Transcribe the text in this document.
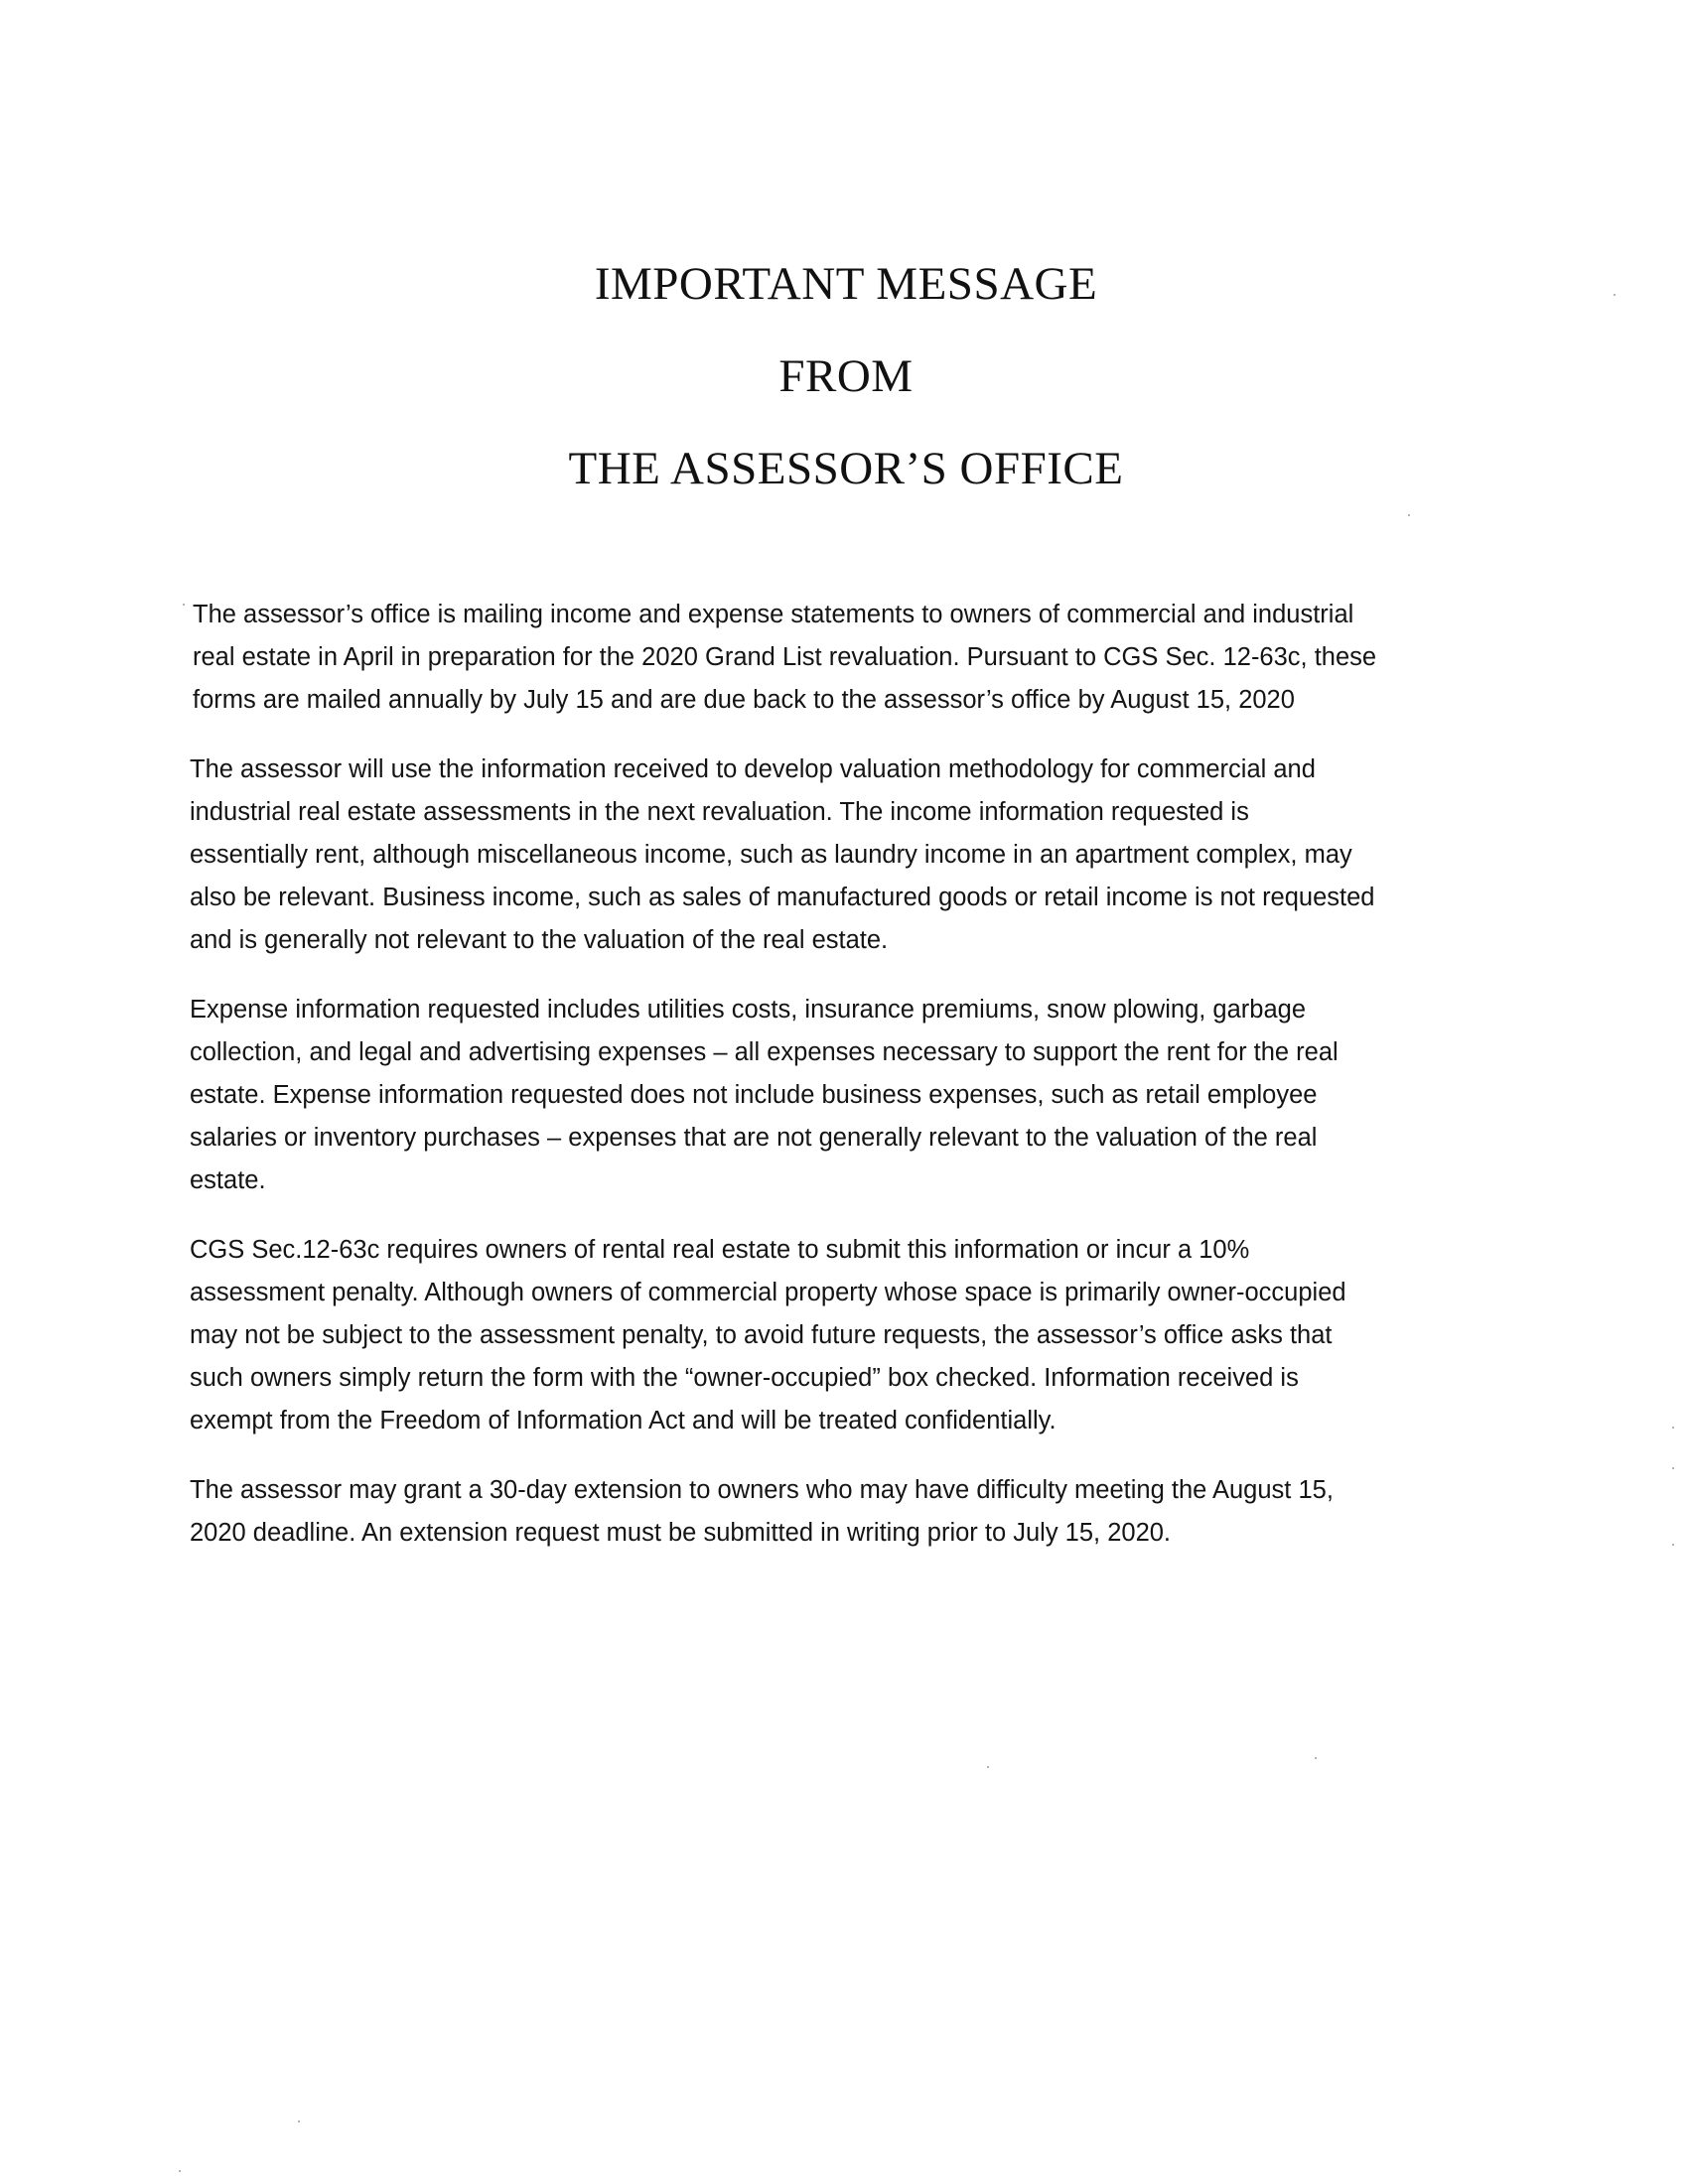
IMPORTANT MESSAGE
FROM
THE ASSESSOR’S OFFICE

The assessor’s office is mailing income and expense statements to owners of commercial and industrial
real estate in April in preparation for the 2020 Grand List revaluation. Pursuant to CGS Sec. 12-63c, these
forms are mailed annually by July 15 and are due back to the assessor’s office by August 15, 2020

The assessor will use the information received to develop valuation methodology for commercial and
industrial real estate assessments in the next revaluation. The income information requested is
essentially rent, although miscellaneous income, such as laundry income in an apartment complex, may
also be relevant. Business income, such as sales of manufactured goods or retail income is not requested
and is generally not relevant to the valuation of the real estate.

Expense information requested includes utilities costs, insurance premiums, snow plowing, garbage
collection, and legal and advertising expenses – all expenses necessary to support the rent for the real
estate. Expense information requested does not include business expenses, such as retail employee
salaries or inventory purchases – expenses that are not generally relevant to the valuation of the real
estate.

CGS Sec.12-63c requires owners of rental real estate to submit this information or incur a 10%
assessment penalty. Although owners of commercial property whose space is primarily owner-occupied
may not be subject to the assessment penalty, to avoid future requests, the assessor’s office asks that
such owners simply return the form with the “owner-occupied” box checked. Information received is
exempt from the Freedom of Information Act and will be treated confidentially.

The assessor may grant a 30-day extension to owners who may have difficulty meeting the August 15,
2020 deadline. An extension request must be submitted in writing prior to July 15, 2020.
